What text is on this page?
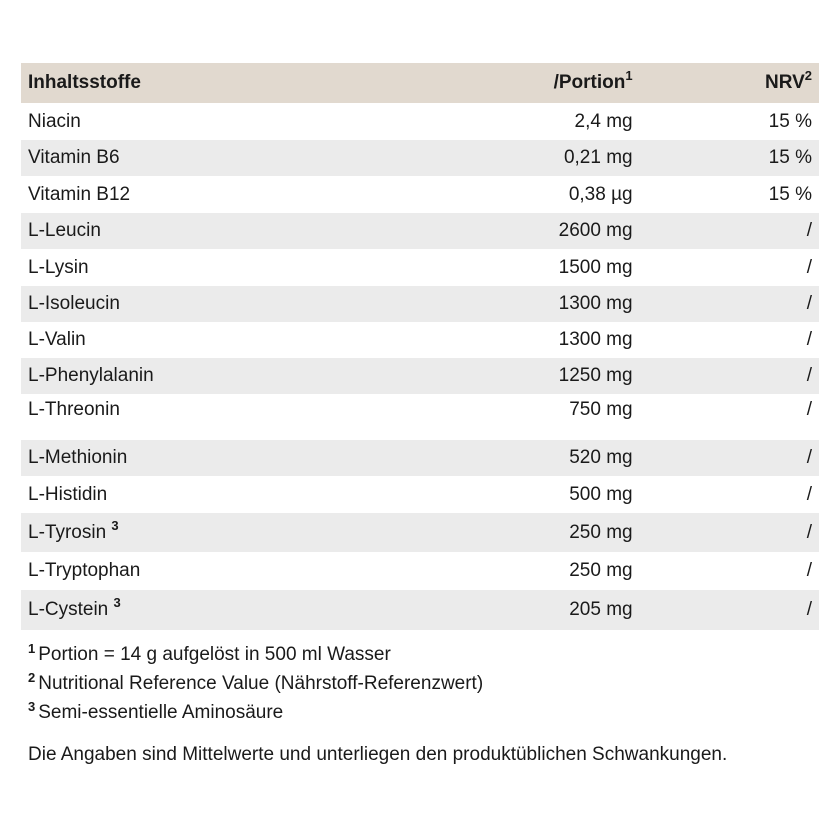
Inhaltsstoffe	/Portion$^1$	NRV$^2$
Niacin	2,4 mg	15 %
Vitamin B6	0,21 mg	15 %
Vitamin B12	0,38 µg	15 %
L-Leucin	2600 mg	/
L-Lysin	1500 mg	/
L-Isoleucin	1300 mg	/
L-Valin	1300 mg	/
L-Phenylalanin	1250 mg	/
L-Threonin	750 mg	/
L-Methionin	520 mg	/
L-Histidin	500 mg	/
L-Tyrosin $^3$	250 mg	/
L-Tryptophan	250 mg	/
L-Cystein $^3$	205 mg	/
$^1$ Portion = 14 g aufgelöst in 500 ml Wasser
$^2$ Nutritional Reference Value (Nährstoff-Referenzwert)
$^3$ Semi-essentielle Aminosäure
Die Angaben sind Mittelwerte und unterliegen den produktüblichen Schwankungen.
